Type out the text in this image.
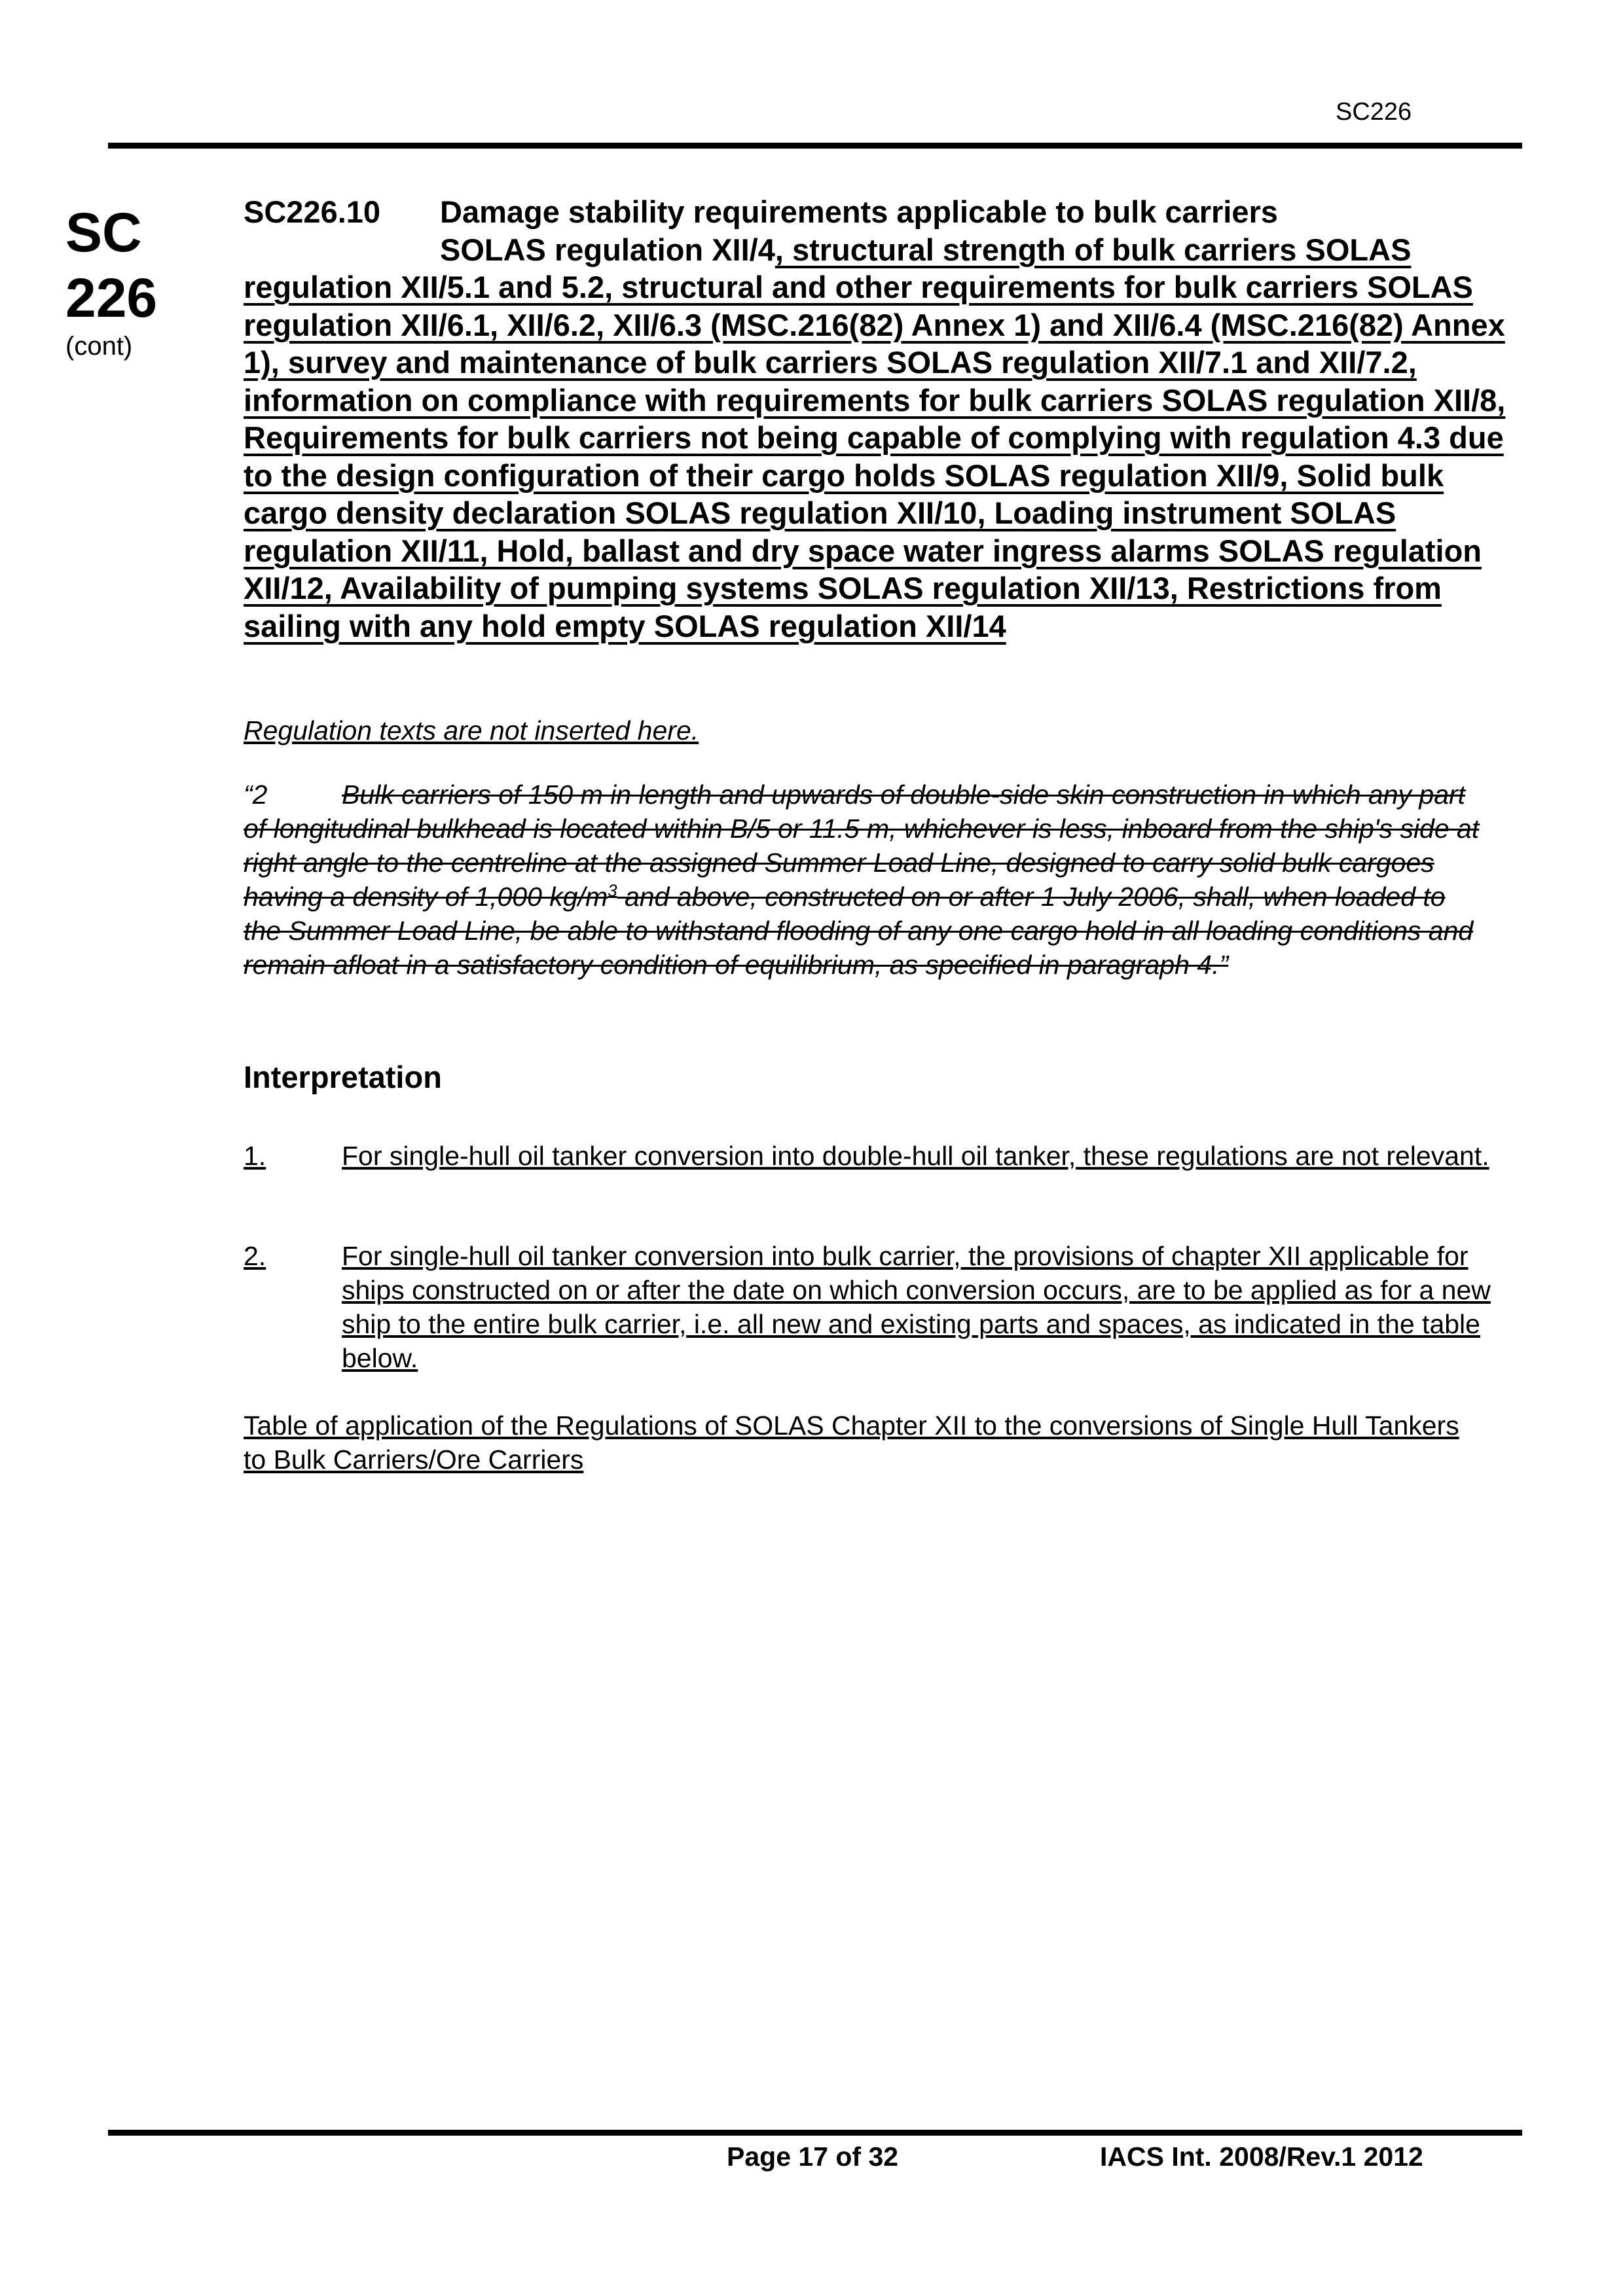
SC226
SC
226
(cont)
SC226.10 Damage stability requirements applicable to bulk carriers
SOLAS regulation XII/4, structural strength of bulk carriers SOLAS
regulation XII/5.1 and 5.2, structural and other requirements for bulk carriers SOLAS regulation XII/6.1, XII/6.2, XII/6.3 (MSC.216(82) Annex 1) and XII/6.4 (MSC.216(82) Annex 1), survey and maintenance of bulk carriers SOLAS regulation XII/7.1 and XII/7.2, information on compliance with requirements for bulk carriers SOLAS regulation XII/8, Requirements for bulk carriers not being capable of complying with regulation 4.3 due to the design configuration of their cargo holds SOLAS regulation XII/9, Solid bulk cargo density declaration SOLAS regulation XII/10, Loading instrument SOLAS regulation XII/11, Hold, ballast and dry space water ingress alarms SOLAS regulation XII/12, Availability of pumping systems SOLAS regulation XII/13, Restrictions from sailing with any hold empty SOLAS regulation XII/14
Regulation texts are not inserted here.
“2	Bulk carriers of 150 m in length and upwards of double-side skin construction in which any part of longitudinal bulkhead is located within B/5 or 11.5 m, whichever is less, inboard from the ship's side at right angle to the centreline at the assigned Summer Load Line, designed to carry solid bulk cargoes having a density of 1,000 $kg/m^3$ and above, constructed on or after 1 July 2006, shall, when loaded to the Summer Load Line, be able to withstand flooding of any one cargo hold in all loading conditions and remain afloat in a satisfactory condition of equilibrium, as specified in paragraph 4.”
Interpretation
1.	For single-hull oil tanker conversion into double-hull oil tanker, these regulations are not relevant.
2.	For single-hull oil tanker conversion into bulk carrier, the provisions of chapter XII applicable for ships constructed on or after the date on which conversion occurs, are to be applied as for a new ship to the entire bulk carrier, i.e. all new and existing parts and spaces, as indicated in the table below.
Table of application of the Regulations of SOLAS Chapter XII to the conversions of Single Hull Tankers to Bulk Carriers/Ore Carriers
Page 17 of 32	IACS Int. 2008/Rev.1 2012
